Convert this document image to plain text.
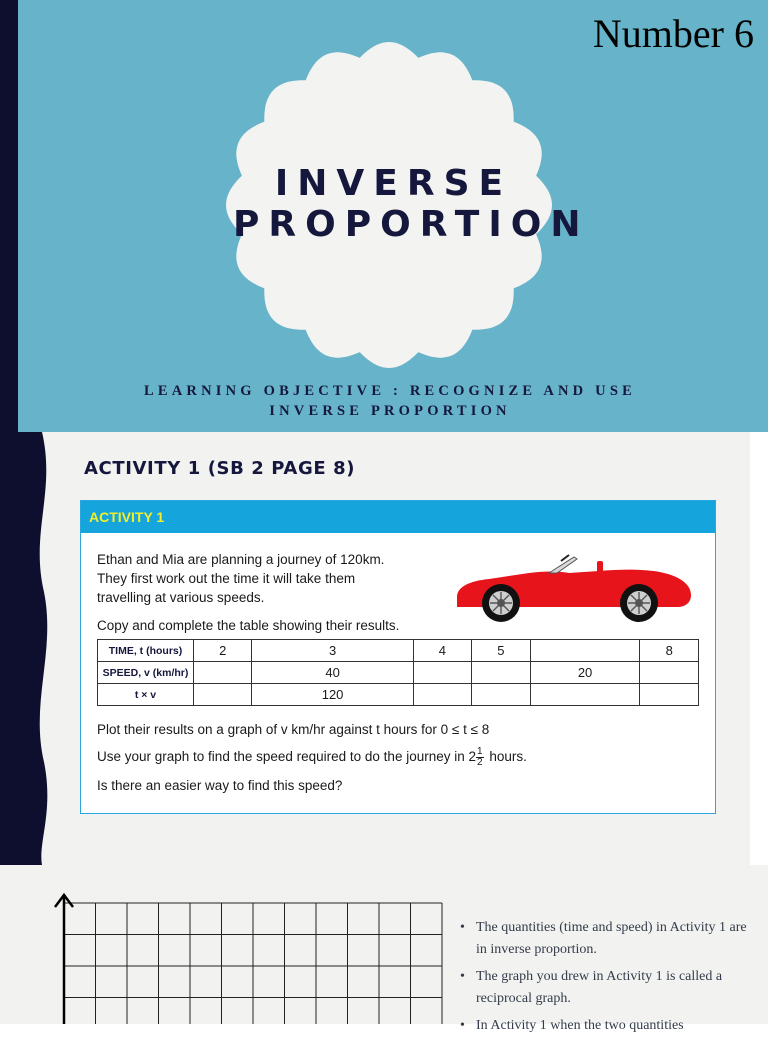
Number 6
INVERSE
PROPORTION
LEARNING OBJECTIVE : RECOGNIZE AND USE
INVERSE PROPORTION
ACTIVITY 1 (SB 2 PAGE 8)
ACTIVITY 1

Ethan and Mia are planning a journey of 120km.

They first work out the time it will take them

travelling at various speeds.

Copy and complete the table showing their results.

TIME, t (hours)	2	3	4	5		8
SPEED, v (km/hr)		40			20	
t × v		120				

Plot their results on a graph of v km/hr against t hours for 0 ≤ t ≤ 8

Use your graph to find the speed required to do the journey in $2 \frac{1}{2}$ hours.

Is there an easier way to find this speed?

• The quantities (time and speed) in Activity 1 are in inverse proportion.
• The graph you drew in Activity 1 is called a reciprocal graph.
• In Activity 1 when the two quantities
